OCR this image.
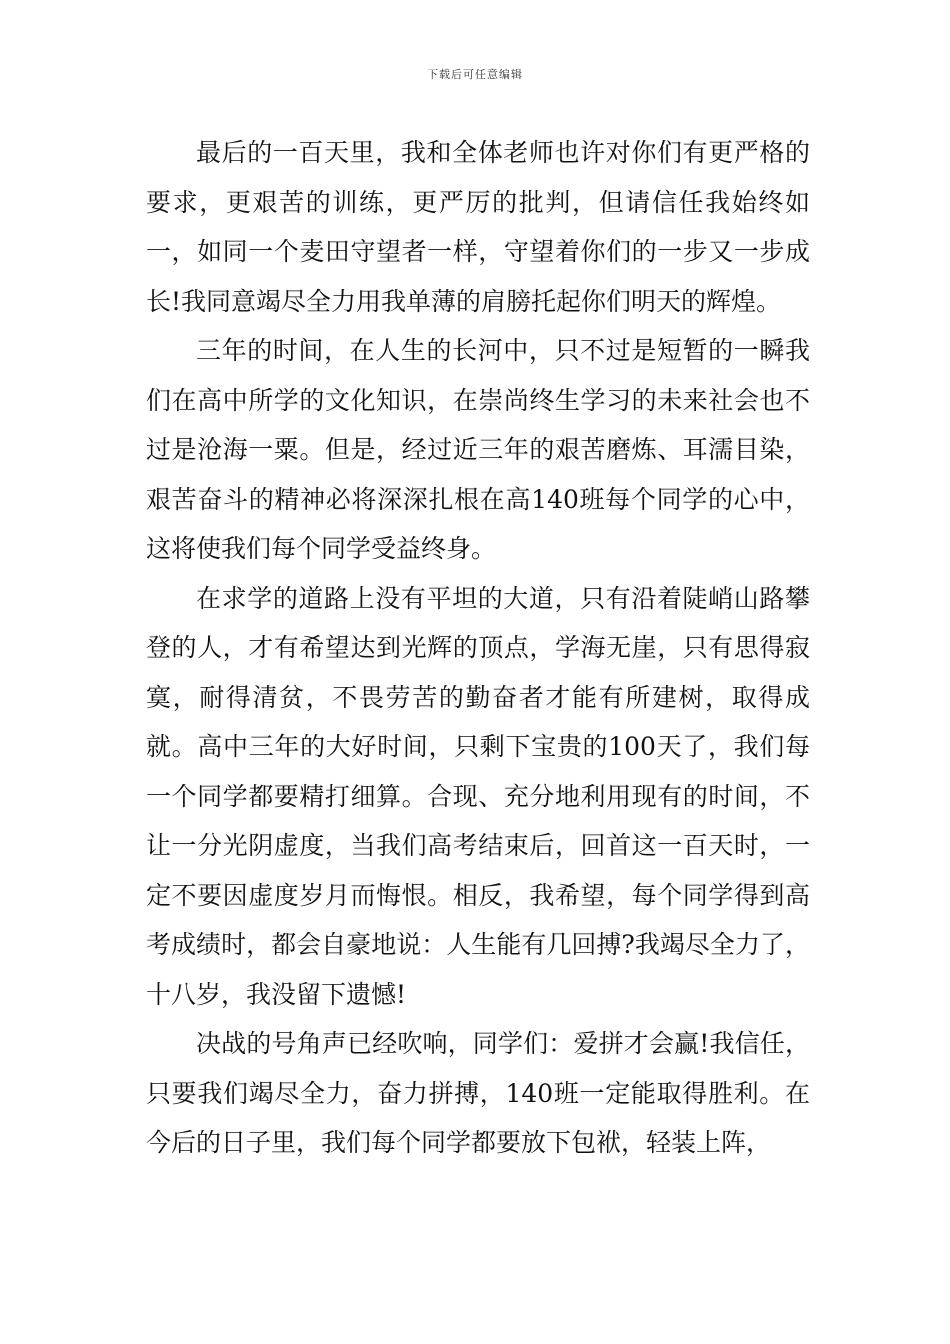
下载后可任意编辑

最后的一百天里，我和全体老师也许对你们有更严格的要求，更艰苦的训练，更严厉的批判，但请信任我始终如一，如同一个麦田守望者一样，守望着你们的一步又一步成长!我同意竭尽全力用我单薄的肩膀托起你们明天的辉煌。

三年的时间，在人生的长河中，只不过是短暂的一瞬我们在高中所学的文化知识，在崇尚终生学习的未来社会也不过是沧海一粟。但是，经过近三年的艰苦磨炼、耳濡目染，艰苦奋斗的精神必将深深扎根在高140班每个同学的心中，这将使我们每个同学受益终身。

在求学的道路上没有平坦的大道，只有沿着陡峭山路攀登的人，才有希望达到光辉的顶点，学海无崖，只有思得寂寞，耐得清贫，不畏劳苦的勤奋者才能有所建树，取得成就。高中三年的大好时间，只剩下宝贵的100天了，我们每一个同学都要精打细算。合现、充分地利用现有的时间，不让一分光阴虚度，当我们高考结束后，回首这一百天时，一定不要因虚度岁月而悔恨。相反，我希望，每个同学得到高考成绩时，都会自豪地说：人生能有几回搏?我竭尽全力了，十八岁，我没留下遗憾!

决战的号角声已经吹响，同学们：爱拼才会赢!我信任，只要我们竭尽全力，奋力拼搏，140班一定能取得胜利。在今后的日子里，我们每个同学都要放下包袱，轻装上阵，
